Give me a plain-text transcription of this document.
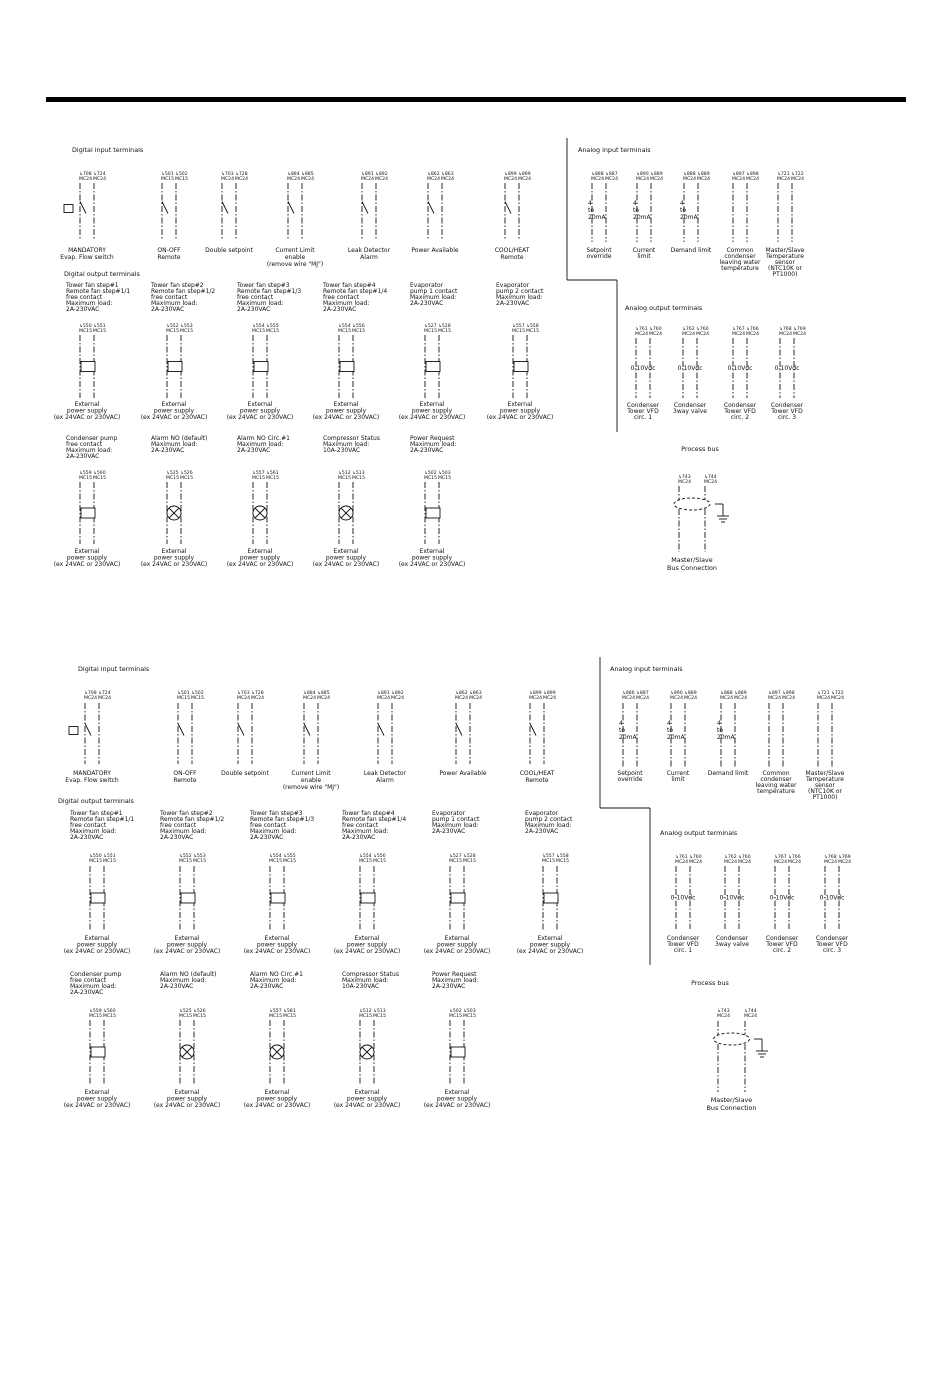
Digital input terminals
↳708 ↳724
MC24 MC24
MANDATORY
Evap. Flow switch
↳501 ↳502
MC15 MC15
ON-OFF
Remote
↳703 ↳728
MC24 MC24
Double setpoint
↳884 ↳885
MC24 MC24
Current Limit
enable
(remove wire "MJ")
↳891 ↳892
MC24 MC24
Leak Detector
Alarm
↳862 ↳863
MC24 MC24
Power Available
↳899 ↳899
MC24 MC24
COOL/HEAT
Remote
Analog input terminals
↳888 ↳887
MC24 MC24
4
to
20mA
Setpoint
override
↳890 ↳889
MC24 MC24
4
to
20mA
Current
limit
↳888 ↳889
MC24 MC24
4
to
20mA
Demand limit
↳897 ↳898
MC24 MC24
Common
condenser
leaving water
temperature
↳721 ↳722
MC24 MC24
Master/Slave
Temperature
sensor
(NTC10K or
PT1000)
Digital output terminals
Tower fan step#1
Remote fan step#1/1
free contact
Maximum load:
2A-230VAC
↳550 ↳551
MC15 MC15
External
power supply
(ex 24VAC or 230VAC)
Tower fan step#2
Remote fan step#1/2
free contact
Maximum load:
2A-230VAC
↳552 ↳553
MC15 MC15
External
power supply
(ex 24VAC or 230VAC)
Tower fan step#3
Remote fan step#1/3
free contact
Maximum load:
2A-230VAC
↳554 ↳555
MC15 MC15
External
power supply
(ex 24VAC or 230VAC)
Tower fan step#4
Remote fan step#1/4
free contact
Maximum load:
2A-230VAC
↳554 ↳556
MC15 MC15
External
power supply
(ex 24VAC or 230VAC)
Evaporator
pump 1 contact
Maximum load:
2A-230VAC
↳527 ↳528
MC15 MC15
External
power supply
(ex 24VAC or 230VAC)
Evaporator
pump 2 contact
Maximum load:
2A-230VAC
↳557 ↳558
MC15 MC15
External
power supply
(ex 24VAC or 230VAC)
Analog output terminals
↳761 ↳760
MC24 MC24
0-10Vdc
Condenser
Tower VFD
circ. 1
↳762 ↳760
MC24 MC24
0-10Vdc
Condenser
3way valve
↳767 ↳766
MC24 MC24
0-10Vdc
Condenser
Tower VFD
circ. 2
↳768 ↳769
MC24 MC24
0-10Vdc
Condenser
Tower VFD
circ. 3
Condenser pump
free contact
Maximum load:
2A-230VAC
↳559 ↳560
MC15 MC15
External
power supply
(ex 24VAC or 230VAC)
Alarm NO (default)
Maximum load:
2A-230VAC
↳525 ↳526
MC15 MC15
External
power supply
(ex 24VAC or 230VAC)
Alarm NO Circ.#1
Maximum load:
2A-230VAC
↳557 ↳561
MC15 MC15
External
power supply
(ex 24VAC or 230VAC)
Compressor Status
Maximum load:
10A-230VAC
↳512 ↳513
MC15 MC15
External
power supply
(ex 24VAC or 230VAC)
Power Request
Maximum load:
2A-230VAC
↳502 ↳503
MC15 MC15
External
power supply
(ex 24VAC or 230VAC)
Process bus
↳743	↳744
MC24	MC24
Master/Slave
Bus Connection
Digital input terminals
↳708 ↳724
MC24 MC24
MANDATORY
Evap. Flow switch
↳501 ↳502
MC15 MC15
ON-OFF
Remote
↳703 ↳728
MC24 MC24
Double setpoint
↳884 ↳885
MC24 MC24
Current Limit
enable
(remove wire "MJ")
↳891 ↳892
MC24 MC24
Leak Detector
Alarm
↳862 ↳863
MC24 MC24
Power Available
↳899 ↳899
MC24 MC24
COOL/HEAT
Remote
Analog input terminals
↳886 ↳887
MC24 MC24
4
to
20mA
Setpoint
override
↳890 ↳889
MC24 MC24
4
to
20mA
Current
limit
↳888 ↳889
MC24 MC24
4
to
20mA
Demand limit
↳897 ↳898
MC24 MC24
Common
condenser
leaving water
temperature
↳721 ↳722
MC24 MC24
Master/Slave
Temperature
sensor
(NTC10K or
PT1000)
Digital output terminals
Tower fan step#1
Remote fan step#1/1
free contact
Maximum load:
2A-230VAC
↳550 ↳551
MC15 MC15
External
power supply
(ex 24VAC or 230VAC)
Tower fan step#2
Remote fan step#1/2
free contact
Maximum load:
2A-230VAC
↳552 ↳553
MC15 MC15
External
power supply
(ex 24VAC or 230VAC)
Tower fan step#3
Remote fan step#1/3
free contact
Maximum load:
2A-230VAC
↳554 ↳555
MC15 MC15
External
power supply
(ex 24VAC or 230VAC)
Tower fan step#4
Remote fan step#1/4
free contact
Maximum load:
2A-230VAC
↳554 ↳556
MC15 MC15
External
power supply
(ex 24VAC or 230VAC)
Evaporator
pump 1 contact
Maximum load:
2A-230VAC
↳527 ↳528
MC15 MC15
External
power supply
(ex 24VAC or 230VAC)
Evaporator
pump 2 contact
Maximum load:
2A-230VAC
↳557 ↳558
MC15 MC15
External
power supply
(ex 24VAC or 230VAC)
Analog output terminals
↳761 ↳760
MC24 MC24
0-10Vdc
Condenser
Tower VFD
circ. 1
↳762 ↳760
MC24 MC24
0-10Vdc
Condenser
3way valve
↳767 ↳766
MC24 MC24
0-10Vdc
Condenser
Tower VFD
circ. 2
↳768 ↳769
MC24 MC24
0-10Vdc
Condenser
Tower VFD
circ. 3
Condenser pump
free contact
Maximum load:
2A-230VAC
↳559 ↳560
MC15 MC15
External
power supply
(ex 24VAC or 230VAC)
Alarm NO (default)
Maximum load:
2A-230VAC
↳525 ↳526
MC15 MC15
External
power supply
(ex 24VAC or 230VAC)
Alarm NO Circ.#1
Maximum load:
2A-230VAC
↳557 ↳581
MC15 MC15
External
power supply
(ex 24VAC or 230VAC)
Compressor Status
Maximum load:
10A-230VAC
↳512 ↳513
MC15 MC15
External
power supply
(ex 24VAC or 230VAC)
Power Request
Maximum load:
2A-230VAC
↳502 ↳503
MC15 MC15
External
power supply
(ex 24VAC or 230VAC)
Process bus
↳743	↳744
MC24	MC24
Master/Slave
Bus Connection
